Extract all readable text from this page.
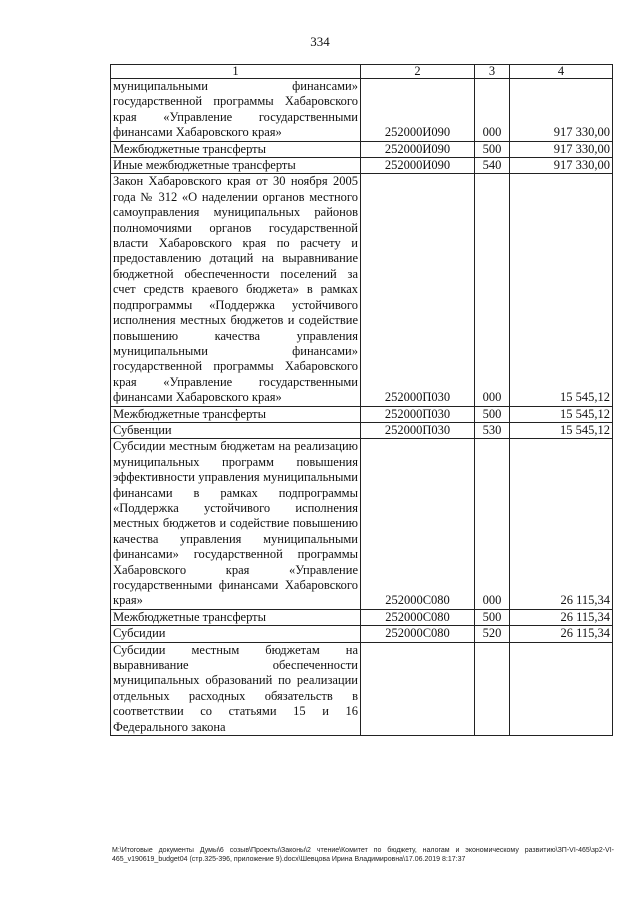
334
1	2	3	4
муниципальными финансами» государственной программы Хабаровского края «Управление государственными финансами Хабаровского края»	252000И090	000	917 330,00
Межбюджетные трансферты	252000И090	500	917 330,00
Иные межбюджетные трансферты	252000И090	540	917 330,00
Закон Хабаровского края от 30 ноября 2005 года № 312 «О наделении органов местного самоуправления муниципальных районов полномочиями органов государственной власти Хабаровского края по расчету и предоставлению дотаций на выравнивание бюджетной обеспеченности поселений за счет средств краевого бюджета» в рамках подпрограммы «Поддержка устойчивого исполнения местных бюджетов и содействие повышению качества управления муниципальными финансами» государственной программы Хабаровского края «Управление государственными финансами Хабаровского края»	252000П030	000	15 545,12
Межбюджетные трансферты	252000П030	500	15 545,12
Субвенции	252000П030	530	15 545,12
Субсидии местным бюджетам на реализацию муниципальных программ повышения эффективности управления муниципальными финансами в рамках подпрограммы «Поддержка устойчивого исполнения местных бюджетов и содействие повышению качества управления муниципальными финансами» государственной программы Хабаровского края «Управление государственными финансами Хабаровского края»	252000С080	000	26 115,34
Межбюджетные трансферты	252000С080	500	26 115,34
Субсидии	252000С080	520	26 115,34
Субсидии местным бюджетам на выравнивание обеспеченности муниципальных образований по реализации отдельных расходных обязательств в соответствии со статьями 15 и 16 Федерального закона			
M:\Итоговые документы Думы\6 созыв\Проекты\Законы\2 чтение\Комитет по бюджету, налогам и экономическому развитию\ЗП-VI-465\зр2-VI-465_v190619_budget04 (стр.325-396, приложение 9).docx\Шевцова Ирина Владимировна\17.06.2019 8:17:37
